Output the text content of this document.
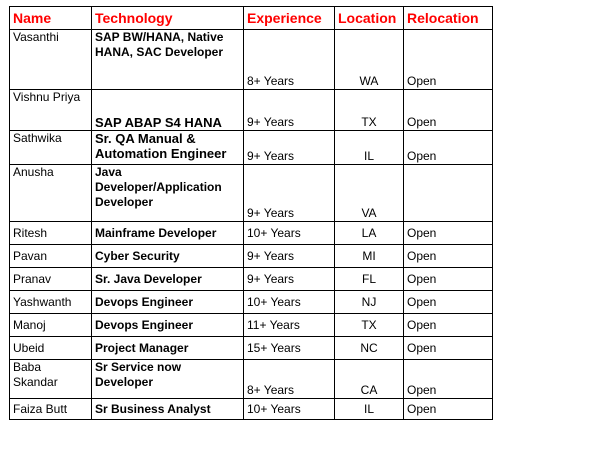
Name	Technology	Experience	Location	Relocation
Vasanthi	SAP BW/HANA, Native HANA, SAC Developer	8+ Years	WA	Open
Vishnu Priya	SAP ABAP S4 HANA	9+ Years	TX	Open
Sathwika	Sr. QA Manual & Automation Engineer	9+ Years	IL	Open
Anusha	Java Developer/Application Developer	9+ Years	VA	
Ritesh	Mainframe Developer	10+ Years	LA	Open
Pavan	Cyber Security	9+ Years	MI	Open
Pranav	Sr. Java Developer	9+ Years	FL	Open
Yashwanth	Devops Engineer	10+ Years	NJ	Open
Manoj	Devops Engineer	11+ Years	TX	Open
Ubeid	Project Manager	15+ Years	NC	Open
Baba Skandar	Sr Service now Developer	8+ Years	CA	Open
Faiza Butt	Sr Business Analyst	10+ Years	IL	Open
